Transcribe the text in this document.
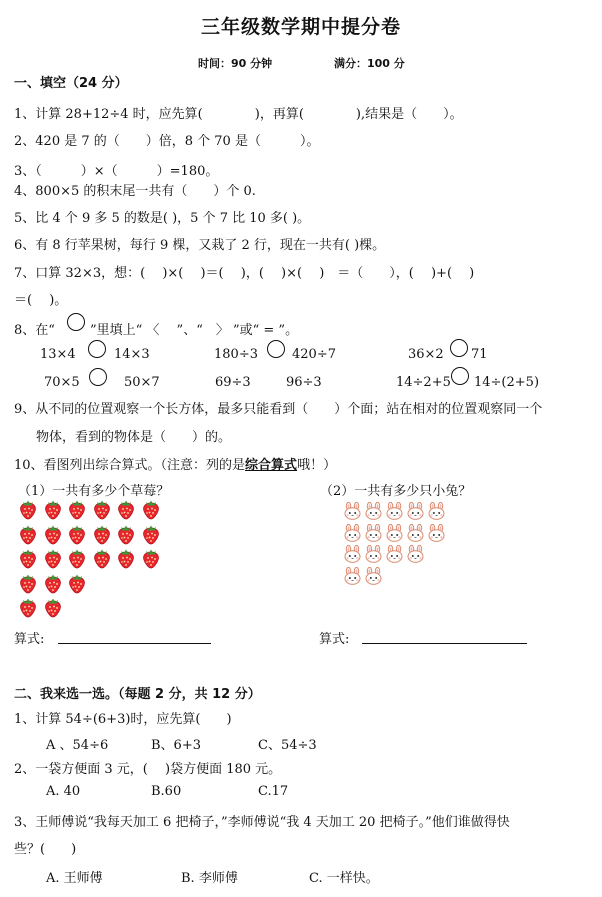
三年级数学期中提分卷
时间：90 分钟	满分：100 分
一、填空（24 分）
1、计算 28+12÷4 时，应先算(　　　　)，再算(　　　　),结果是（　　）。
2、420 是 7 的（　　）倍，8 个 70 是（　　　）。
3、（　　　）×（　　　）=180。
4、800×5 的积末尾一共有（　　）个 0.
5、比 4 个 9 多 5 的数是( )，5 个 7 比 10 多( )。
6、有 8 行苹果树，每行 9 棵，又栽了 2 行，现在一共有( )棵。
7、口算 32×3，想：(　 )×(　 )＝(　 )，(　 )×(　 )　＝（　　），(　 )+(　 )
＝(　 )。
8、在“	”里填上“ 〈　 ”、“　〉 ”或“ = ”。
13×4	14×3	180÷3	420÷7	36×2 71
70×5	50×7	69÷3	96÷3	14÷2+5 14÷(2+5)
9、从不同的位置观察一个长方体，最多只能看到（　　）个面；站在相对的位置观察同一个
物体，看到的物体是（　　）的。
10、看图列出综合算式。（注意：列的是综合算式哦！）
（1）一共有多少个草莓？	（2）一共有多少只小兔？
算式:	算式:
二、我来选一选。（每题 2 分，共 12 分）
1、计算 54÷(6+3)时，应先算(　　)
A 、54÷6	B、6+3	C、54÷3
2、一袋方便面 3 元，(　 )袋方便面 180 元。
A. 40	B.60	C.17
3、王师傅说“我每天加工 6 把椅子，”李师傅说“我 4 天加工 20 把椅子。”他们谁做得快
些？(　　)
A. 王师傅	B. 李师傅	C. 一样快。
